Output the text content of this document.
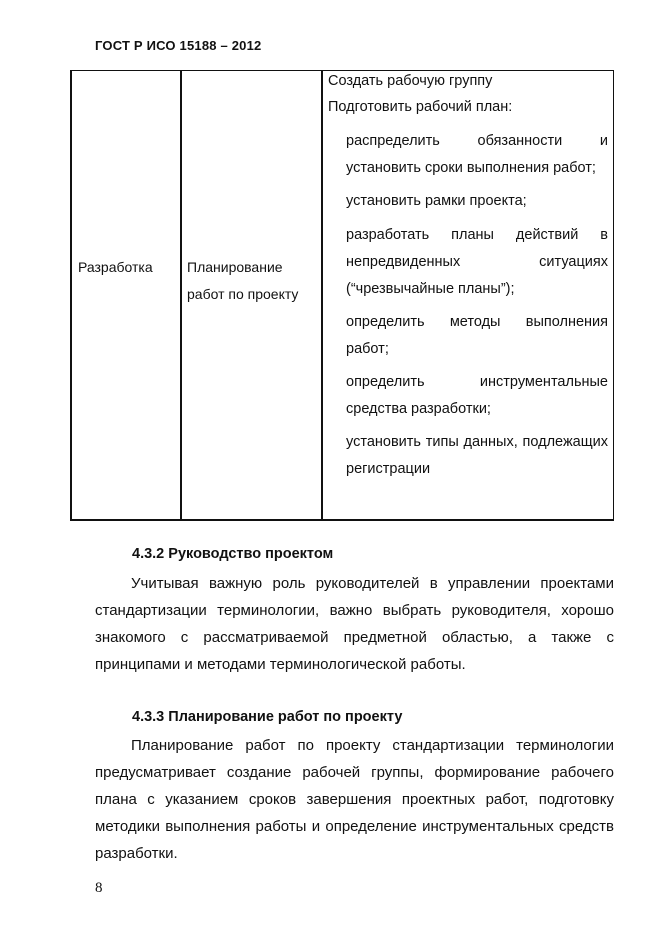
ГОСТ Р ИСО 15188 – 2012
Разработка Планирование работ по проекту
Создать рабочую группу
Подготовить рабочий план:
распределить обязанности и установить сроки выполнения работ;
установить рамки проекта;
разработать планы действий в непредвиденных ситуациях (“чрезвычайные планы”);
определить методы выполнения работ;
определить инструментальные средства разработки;
установить типы данных, подлежащих регистрации
4.3.2 Руководство проектом
Учитывая важную роль руководителей в управлении проектами стандартизации терминологии, важно выбрать руководителя, хорошо знакомого с рассматриваемой предметной областью, а также с принципами и методами терминологической работы.
4.3.3 Планирование работ по проекту
Планирование работ по проекту стандартизации терминологии предусматривает создание рабочей группы, формирование рабочего плана с указанием сроков завершения проектных работ, подготовку методики выполнения работы и определение инструментальных средств разработки.
8
